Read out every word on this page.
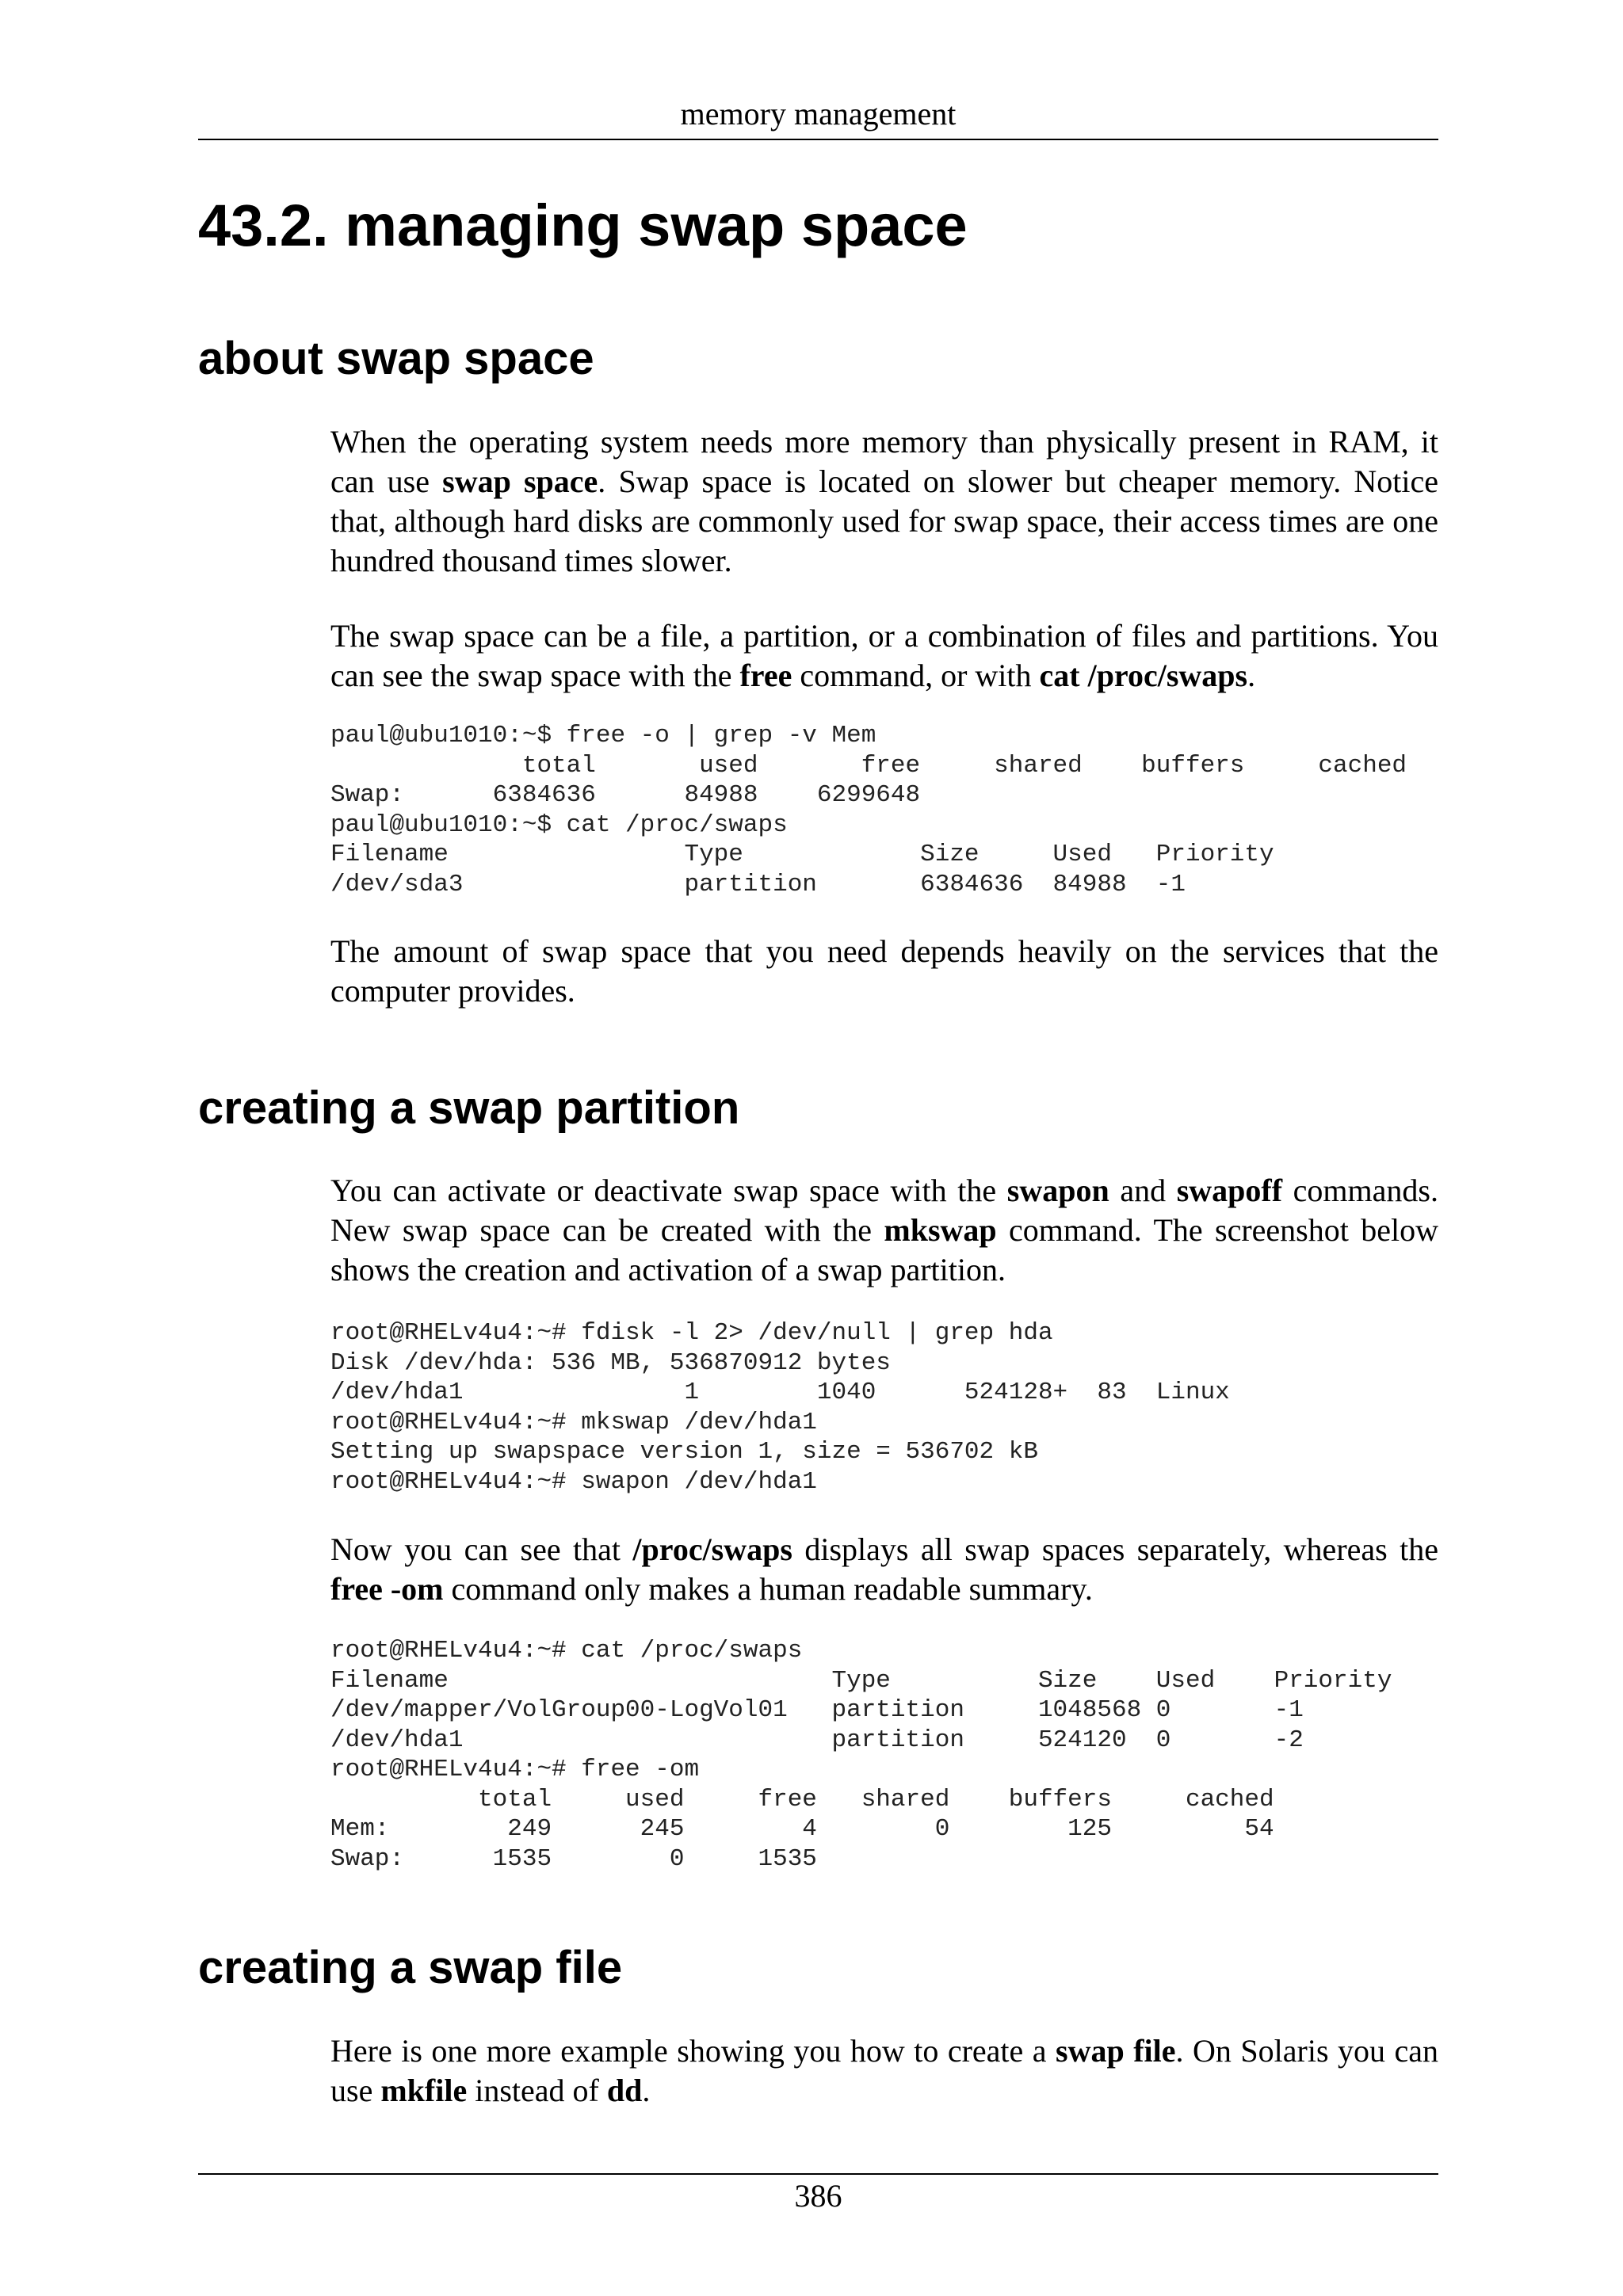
memory management
43.2. managing swap space
about swap space

When the operating system needs more memory than physically present in RAM, it can use swap space. Swap space is located on slower but cheaper memory. Notice that, although hard disks are commonly used for swap space, their access times are one hundred thousand times slower.

The swap space can be a file, a partition, or a combination of files and partitions. You can see the swap space with the free command, or with cat /proc/swaps.

paul@ubu1010:~$ free -o | grep -v Mem
total       used       free     shared    buffers     cached
Swap:      6384636      84988    6299648
paul@ubu1010:~$ cat /proc/swaps
Filename                Type            Size     Used   Priority
/dev/sda3               partition       6384636  84988  -1

The amount of swap space that you need depends heavily on the services that the computer provides.

creating a swap partition

You can activate or deactivate swap space with the swapon and swapoff commands. New swap space can be created with the mkswap command. The screenshot below shows the creation and activation of a swap partition.

root@RHELv4u4:~# fdisk -l 2> /dev/null | grep hda
Disk /dev/hda: 536 MB, 536870912 bytes
/dev/hda1               1        1040      524128+  83  Linux
root@RHELv4u4:~# mkswap /dev/hda1
Setting up swapspace version 1, size = 536702 kB
root@RHELv4u4:~# swapon /dev/hda1

Now you can see that /proc/swaps displays all swap spaces separately, whereas the free -om command only makes a human readable summary.

root@RHELv4u4:~# cat /proc/swaps
Filename                          Type          Size    Used    Priority
/dev/mapper/VolGroup00-LogVol01   partition     1048568 0       -1
/dev/hda1                         partition     524120  0       -2
root@RHELv4u4:~# free -om
total     used     free   shared    buffers     cached
Mem:        249      245        4        0        125         54
Swap:      1535        0     1535
creating a swap file

Here is one more example showing you how to create a swap file. On Solaris you can use mkfile instead of dd.

386
